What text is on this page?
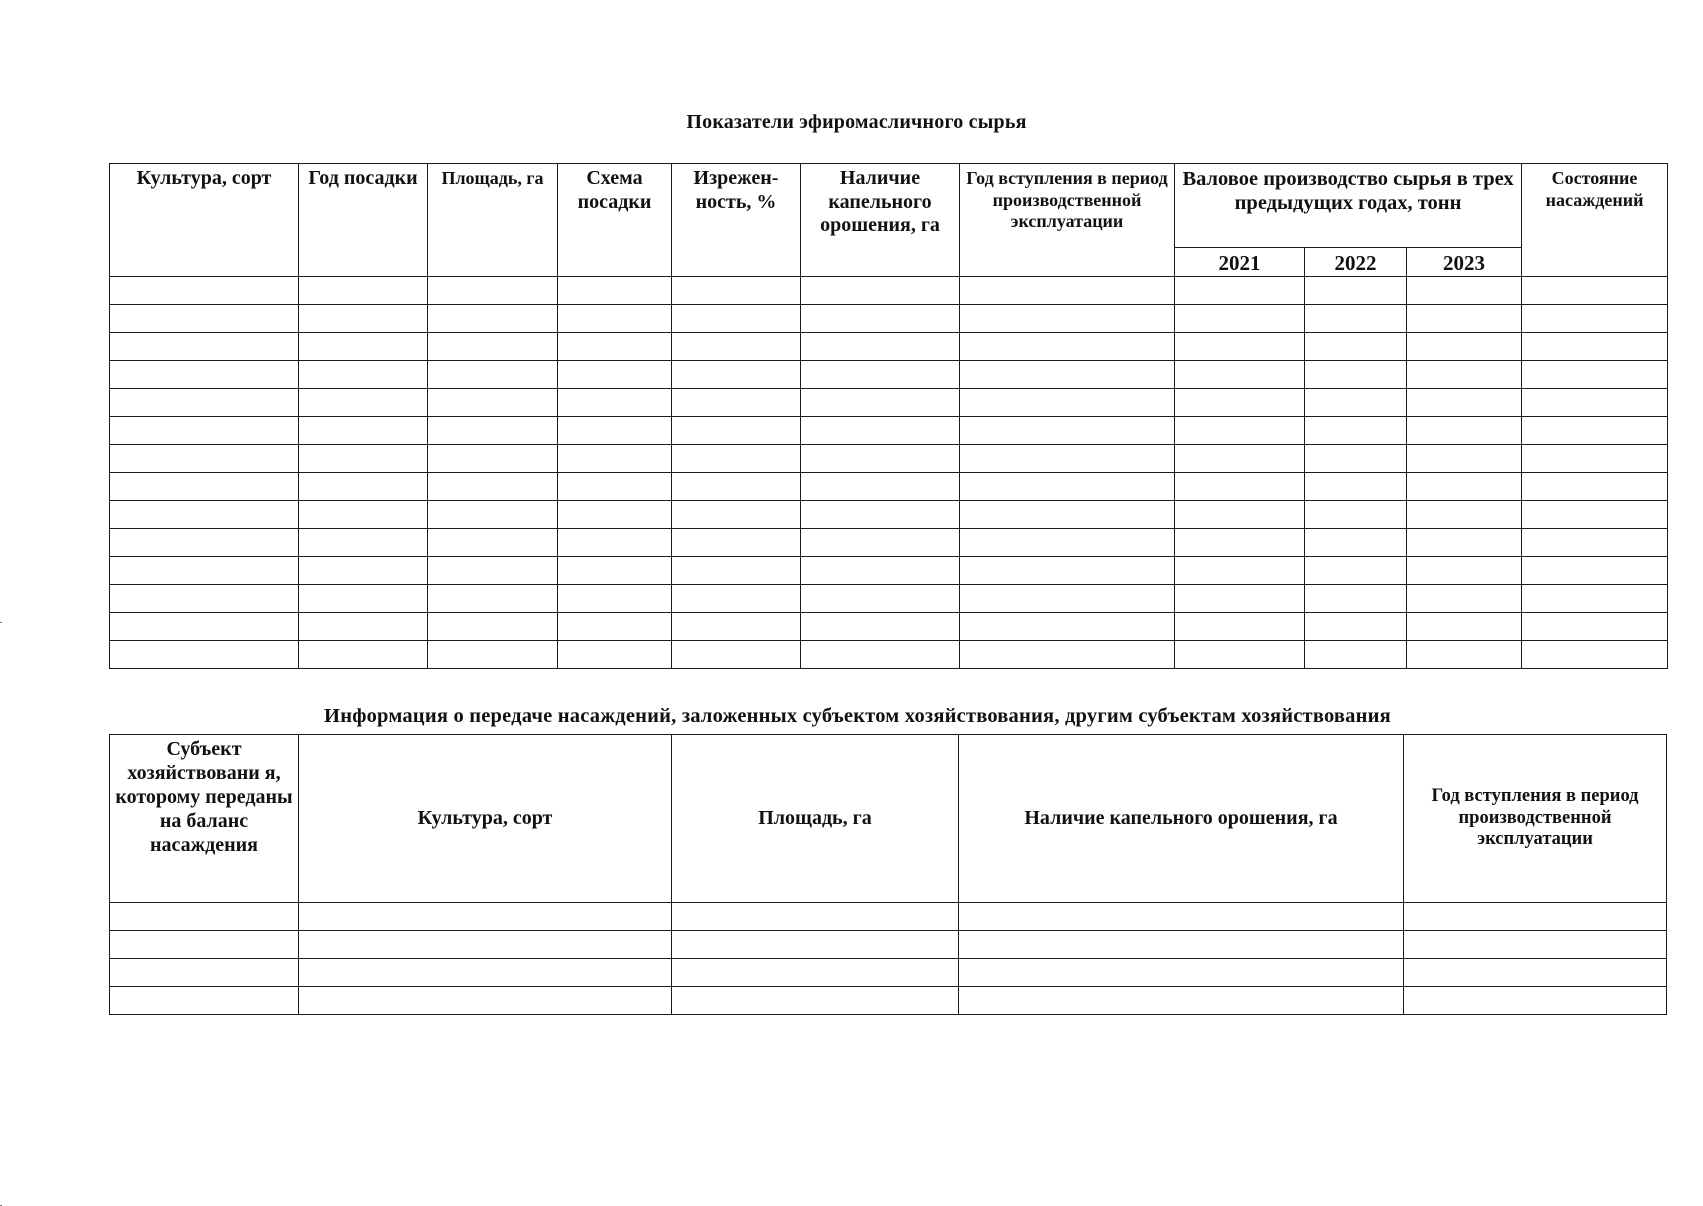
Показатели эфиромасличного сырья
Культура, сорт	Год посадки	Площадь, га	Схема посадки	Изрежен-ность, %	Наличие капельного орошения, га	Год вступления в период производственной эксплуатации	Валовое производство сырья в трех предыдущих годах, тонн			Состояние насаждений
							2021	2022	2023	

Информация о передаче насаждений, заложенных субъектом хозяйствования, другим субъектам хозяйствования
Субъект хозяйствовани я, которому переданы на баланс насаждения	Культура, сорт	Площадь, га	Наличие капельного орошения, га	Год вступления в период производственной эксплуатации
